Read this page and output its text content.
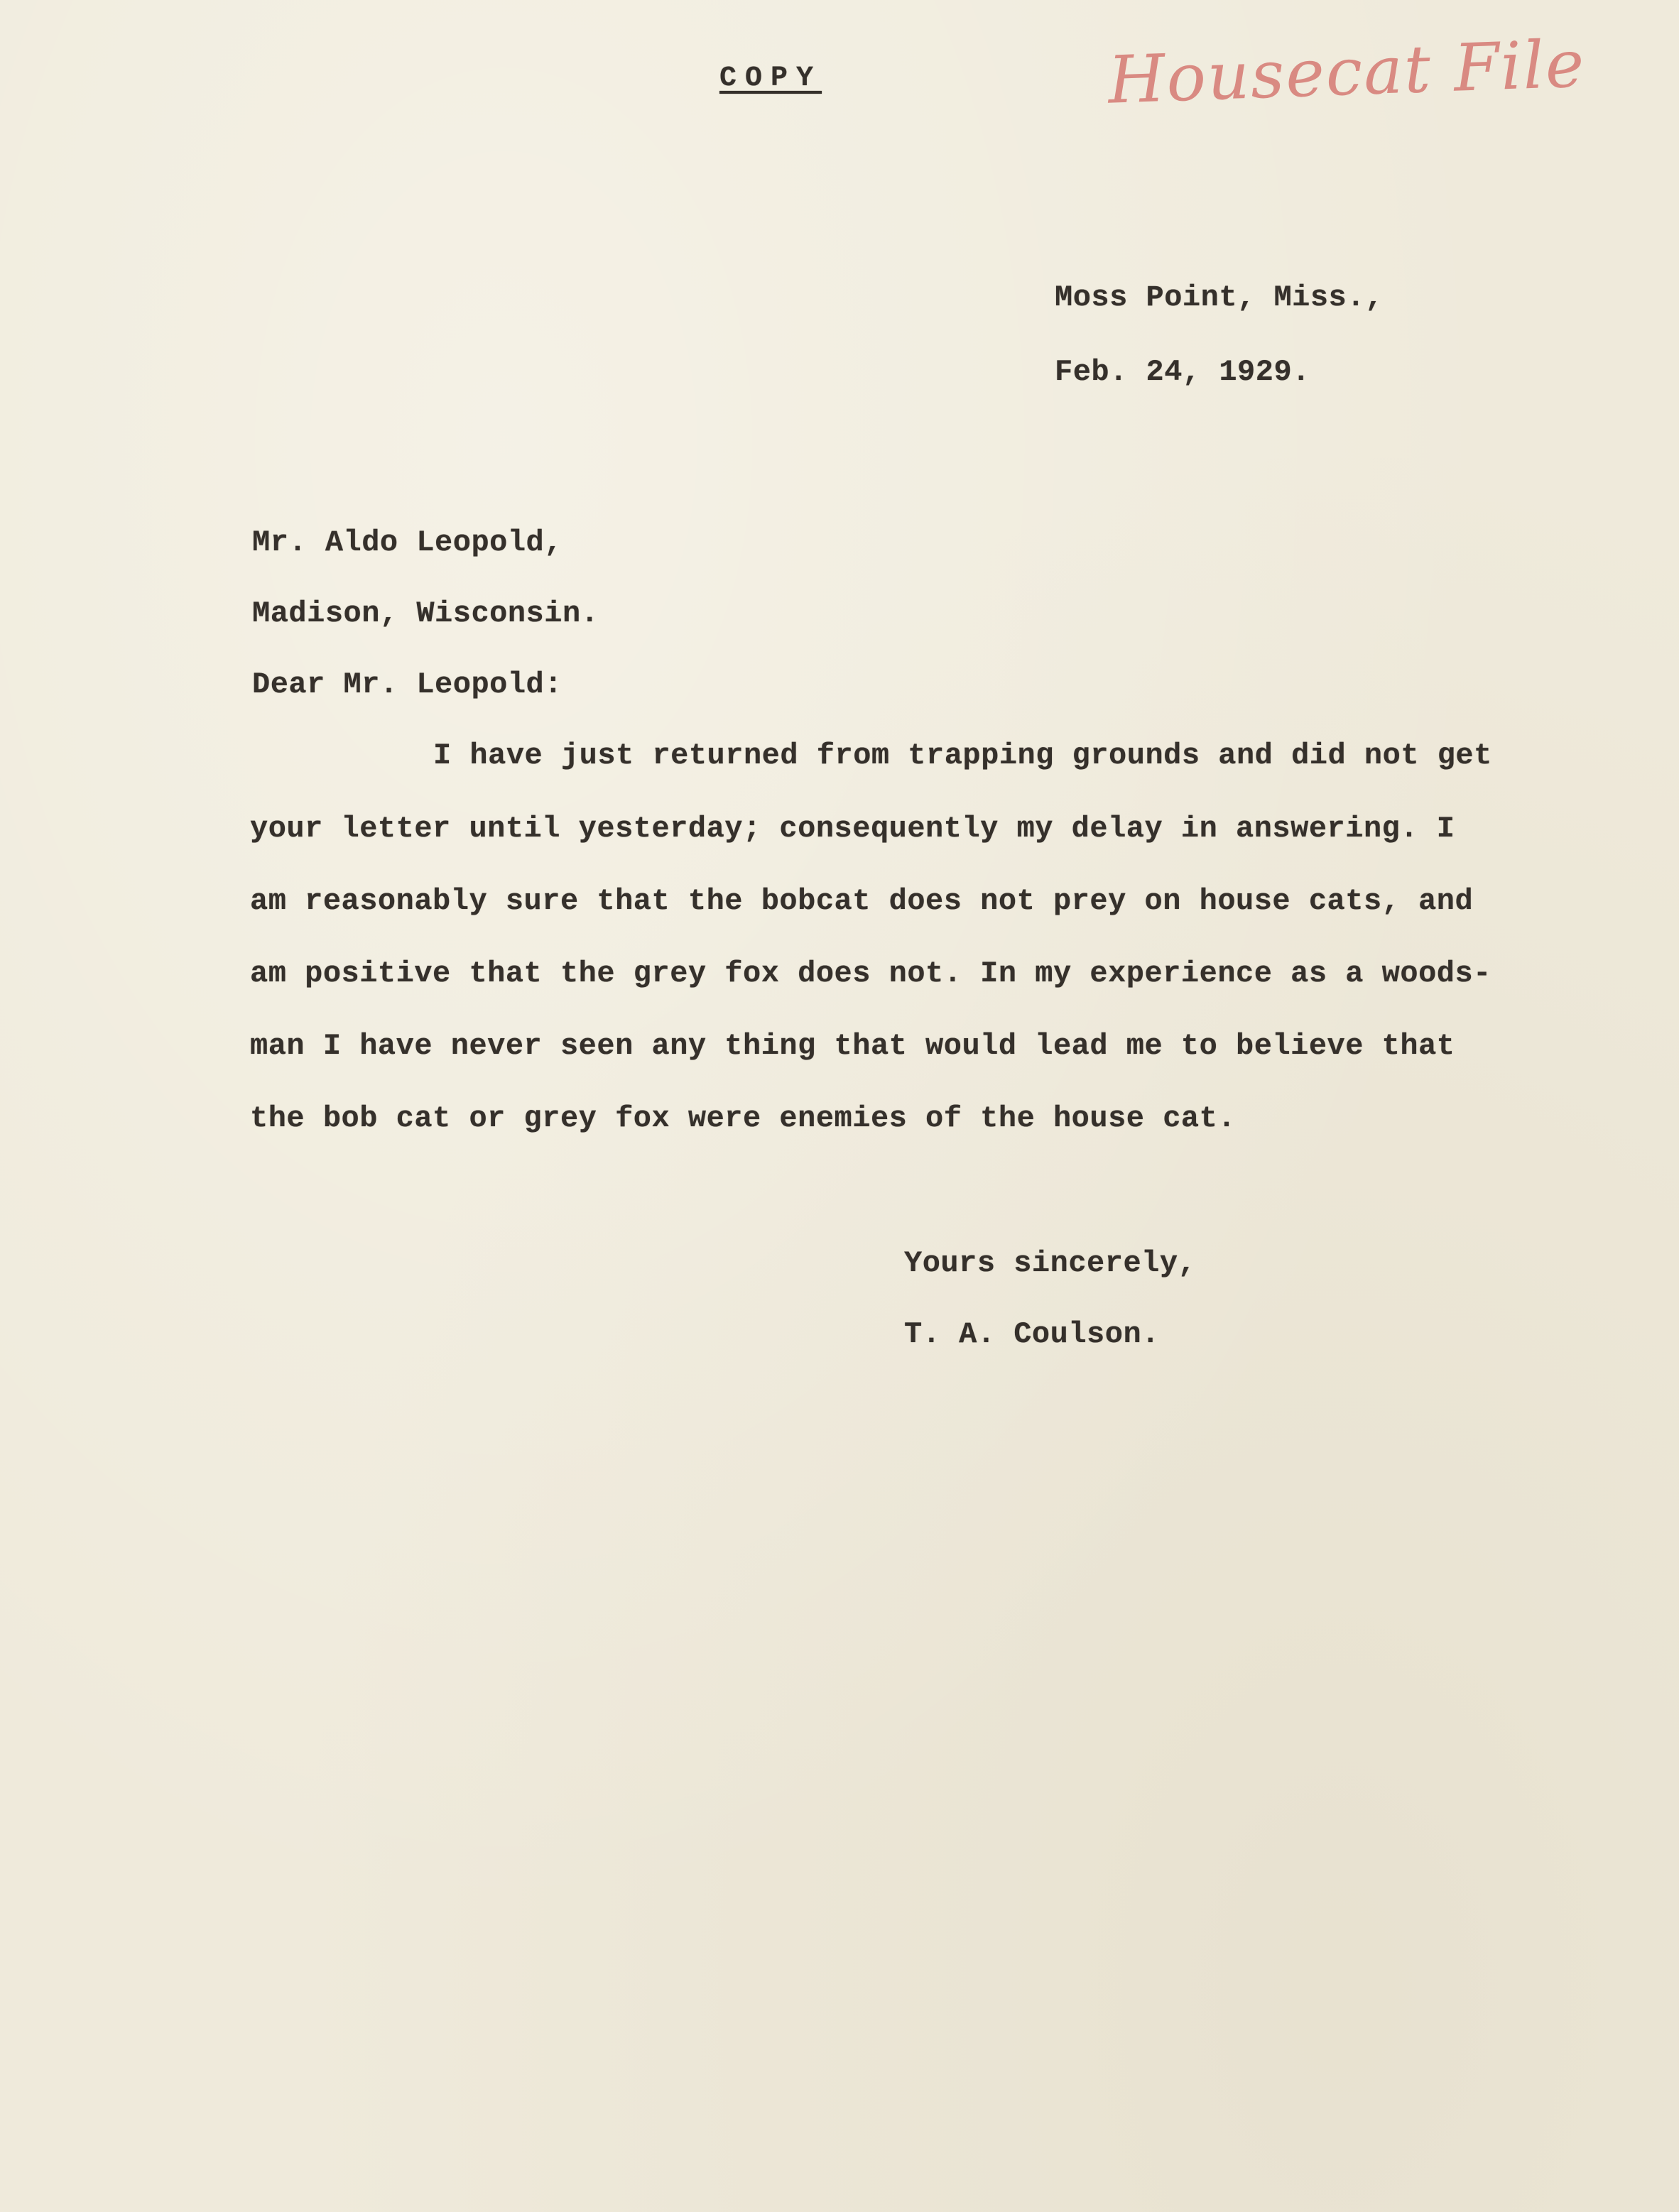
COPY	Housecat File
Moss Point, Miss.,
Feb. 24, 1929.
Mr. Aldo Leopold,
Madison, Wisconsin.
Dear Mr. Leopold:
I have just returned from trapping grounds and did not get
your letter until yesterday; consequently my delay in answering. I
am reasonably sure that the bobcat does not prey on house cats, and
am positive that the grey fox does not. In my experience as a woods-
man I have never seen any thing that would lead me to believe that
the bob cat or grey fox were enemies of the house cat.
Yours sincerely,
T. A. Coulson.
